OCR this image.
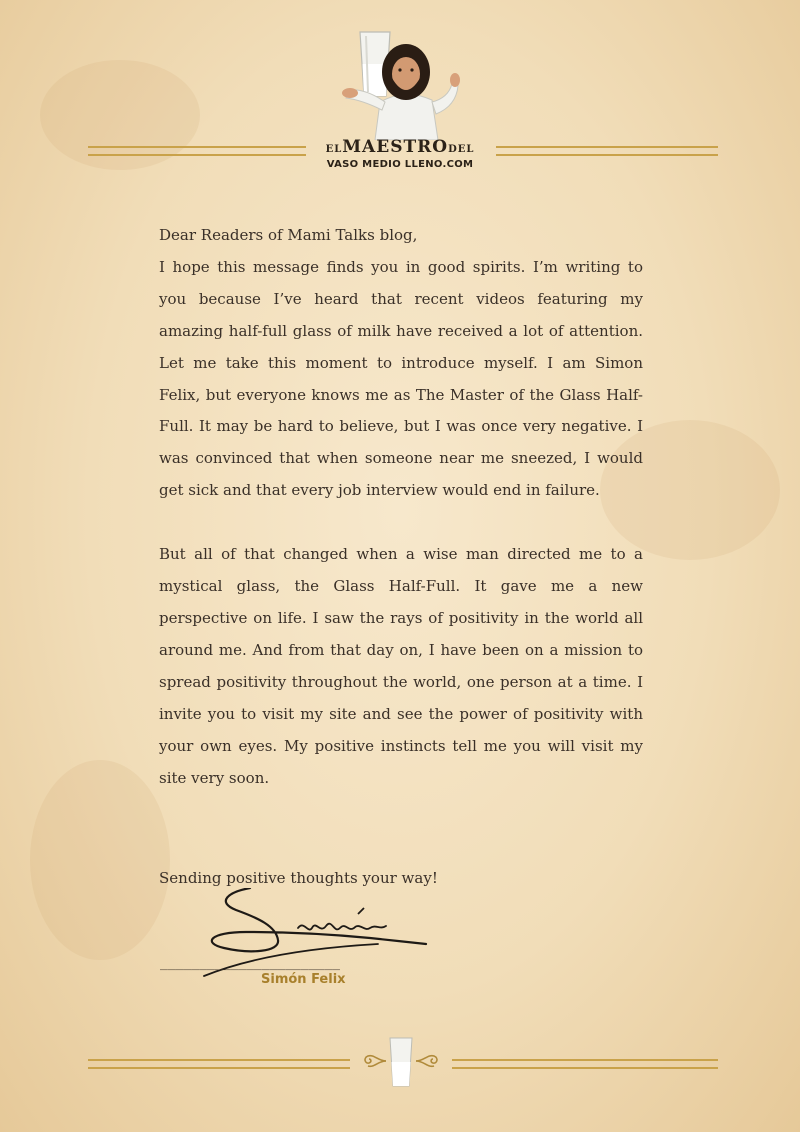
ELMAESTRODEL
VASO MEDIO LLENO.COM

Dear Readers of Mami Talks blog,

I hope this message finds you in good spirits. I’m writing to you because I’ve heard that recent videos featuring my amazing half-full glass of milk have received a lot of attention. Let me take this moment to introduce myself. I am Simon Felix, but everyone knows me as The Master of the Glass Half-Full. It may be hard to believe, but I was once very negative. I was convinced that when someone near me sneezed, I would get sick and that every job interview would end in failure.

But all of that changed when a wise man directed me to a mystical glass, the Glass Half-Full. It gave me a new perspective on life. I saw the rays of positivity in the world all around me. And from that day on, I have been on a mission to spread positivity throughout the world, one person at a time. I invite you to visit my site and see the power of positivity with your own eyes. My positive instincts tell me you will visit my site very soon.

Sending positive thoughts your way!
_______________________
Simón Felix
